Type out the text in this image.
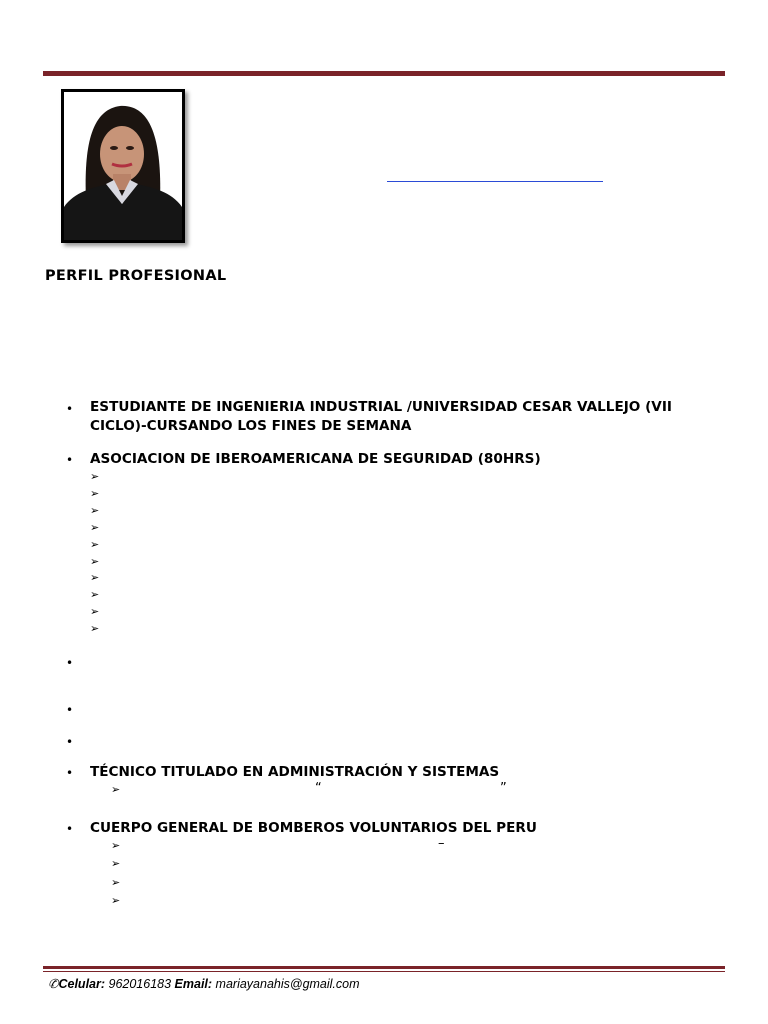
PERFIL PROFESIONAL
• ESTUDIANTE DE INGENIERIA INDUSTRIAL /UNIVERSIDAD CESAR VALLEJO (VII CICLO)-CURSANDO LOS FINES DE SEMANA
• ASOCIACION DE IBEROAMERICANA DE SEGURIDAD (80HRS)
➢
➢
➢
➢
➢
➢
➢
➢
➢
➢
•
•
•
• TÉCNICO TITULADO EN ADMINISTRACIÓN Y SISTEMAS
➢	“	”
• CUERPO GENERAL DE BOMBEROS VOLUNTARIOS DEL PERU
➢	–
➢
➢
➢
✆Celular: 962016183 Email: mariayanahis@gmail.com
